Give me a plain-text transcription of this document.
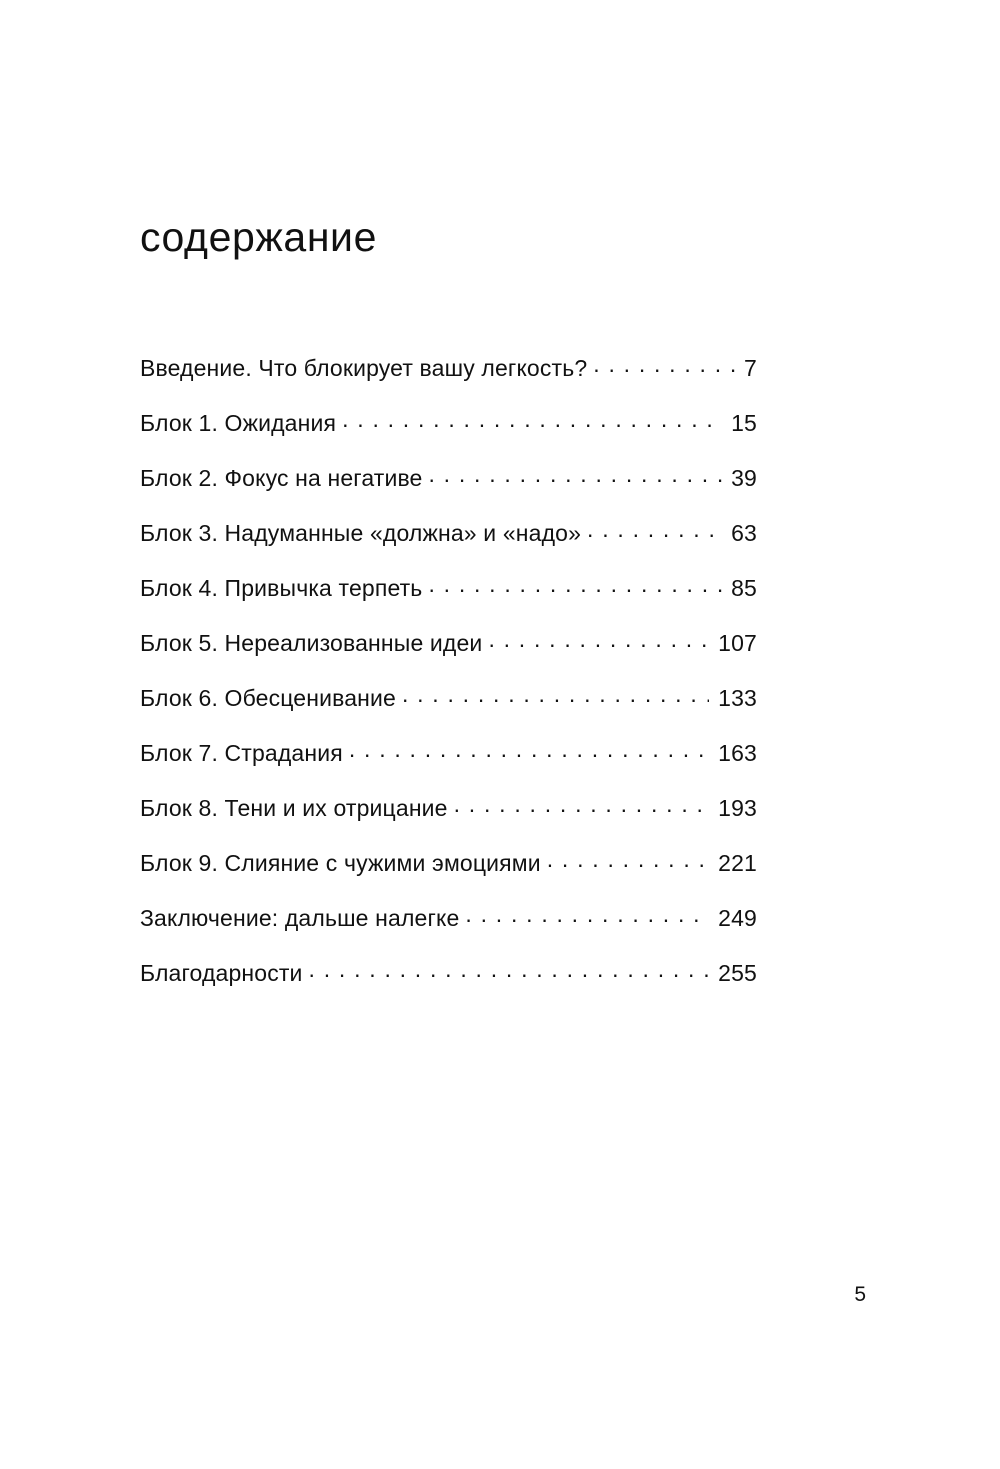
содержание
Введение. Что блокирует вашу легкость? . . .	7
Блок 1. Ожидания . . .	15
Блок 2. Фокус на негативе . . .	39
Блок 3. Надуманные «должна» и «надо» . . .	63
Блок 4. Привычка терпеть . . .	85
Блок 5. Нереализованные идеи . . .	107
Блок 6. Обесценивание . . .	133
Блок 7. Страдания . . .	163
Блок 8. Тени и их отрицание . . .	193
Блок 9. Слияние с чужими эмоциями . . .	221
Заключение: дальше налегке . . .	249
Благодарности . . .	255
5
